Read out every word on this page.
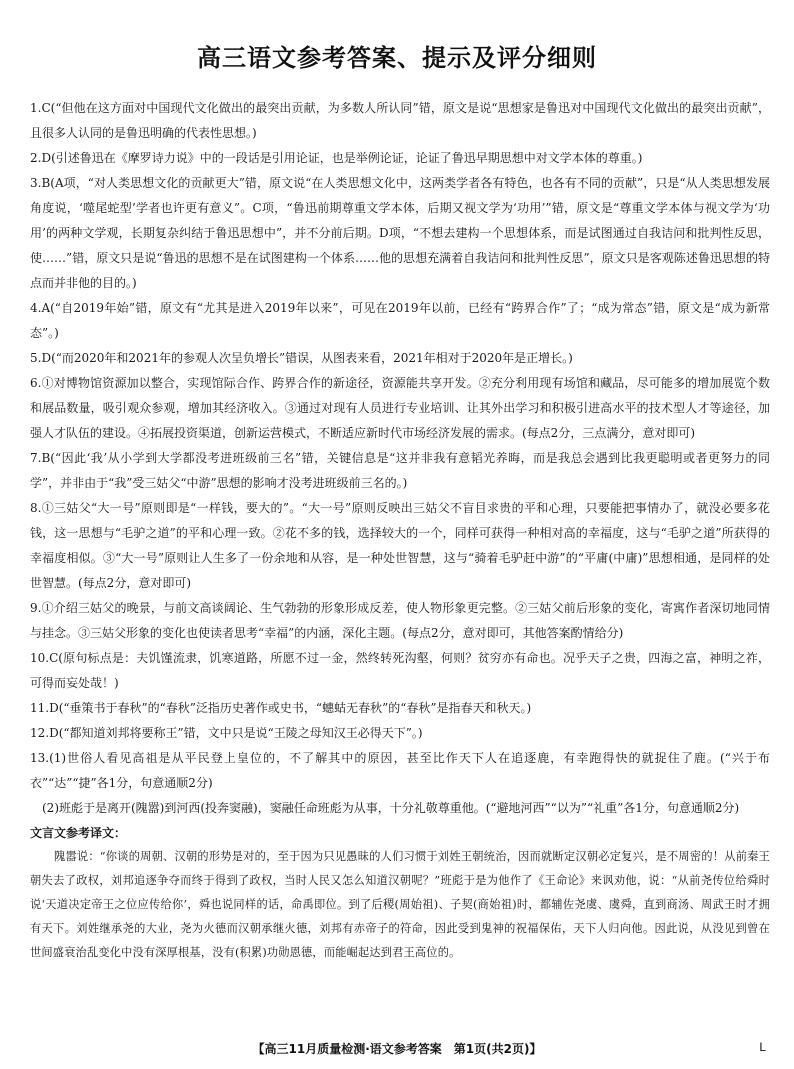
高三语文参考答案、提示及评分细则

1.C(“但他在这方面对中国现代文化做出的最突出贡献，为多数人所认同”错，原文是说“思想家是鲁迅对中国现代文化做出的最突出贡献”，且很多人认同的是鲁迅明确的代表性思想。)

2.D(引述鲁迅在《摩罗诗力说》中的一段话是引用论证，也是举例论证，论证了鲁迅早期思想中对文学本体的尊重。)

3.B(A项，“对人类思想文化的贡献更大”错，原文说“在人类思想文化中，这两类学者各有特色，也各有不同的贡献”，只是“从人类思想发展角度说，‘噬尾蛇型’学者也许更有意义”。C项，“鲁迅前期尊重文学本体，后期又视文学为‘功用’”错，原文是“尊重文学本体与视文学为‘功用’的两种文学观，长期复杂纠结于鲁迅思想中”，并不分前后期。D项，“不想去建构一个思想体系，而是试图通过自我诘问和批判性反思，使……”错，原文只是说“鲁迅的思想不是在试图建构一个体系……他的思想充满着自我诘问和批判性反思”，原文只是客观陈述鲁迅思想的特点而并非他的目的。)

4.A(“自2019年始”错，原文有“尤其是进入2019年以来”，可见在2019年以前，已经有“跨界合作”了；“成为常态”错，原文是“成为新常态”。)

5.D(“而2020年和2021年的参观人次呈负增长”错误，从图表来看，2021年相对于2020年是正增长。)

6.①对博物馆资源加以整合，实现馆际合作、跨界合作的新途径，资源能共享开发。②充分利用现有场馆和藏品，尽可能多的增加展览个数和展品数量，吸引观众参观，增加其经济收入。③通过对现有人员进行专业培训、让其外出学习和积极引进高水平的技术型人才等途径，加强人才队伍的建设。④拓展投资渠道，创新运营模式，不断适应新时代市场经济发展的需求。(每点2分，三点满分，意对即可)

7.B(“因此‘我’从小学到大学都没考进班级前三名”错，关键信息是“这并非我有意韬光养晦，而是我总会遇到比我更聪明或者更努力的同学”，并非由于“我”受三姑父“中游”思想的影响才没考进班级前三名的。)

8.①三姑父“大一号”原则即是“一样钱，要大的”。“大一号”原则反映出三姑父不盲目求贵的平和心理，只要能把事情办了，就没必要多花钱，这一思想与“毛驴之道”的平和心理一致。②花不多的钱，选择较大的一个，同样可获得一种相对高的幸福度，这与“毛驴之道”所获得的幸福度相似。③“大一号”原则让人生多了一份余地和从容，是一种处世智慧，这与“骑着毛驴赶中游”的“平庸(中庸)”思想相通，是同样的处世智慧。(每点2分，意对即可)

9.①介绍三姑父的晚景，与前文高谈阔论、生气勃勃的形象形成反差，使人物形象更完整。②三姑父前后形象的变化，寄寓作者深切地同情与挂念。③三姑父形象的变化也使读者思考“幸福”的内涵，深化主题。(每点2分，意对即可，其他答案酌情给分)

10.C(原句标点是：夫饥馑流隶，饥寒道路，所愿不过一金，然终转死沟壑，何则？贫穷亦有命也。况乎天子之贵，四海之富，神明之祚，可得而妄处哉！)

11.D(“垂策书于春秋”的“春秋”泛指历史著作或史书，“蟪蛄无春秋”的“春秋”是指春天和秋天。)

12.D(“都知道刘邦将要称王”错，文中只是说“王陵之母知汉王必得天下”。)

13.(1)世俗人看见高祖是从平民登上皇位的，不了解其中的原因，甚至比作天下人在追逐鹿，有幸跑得快的就捉住了鹿。(“兴于布衣”“达”“捷”各1分，句意通顺2分)

(2)班彪于是离开(隗嚣)到河西(投奔窦融)，窦融任命班彪为从事，十分礼敬尊重他。(“避地河西”“以为”“礼重”各1分，句意通顺2分)

文言文参考译文：

隗嚣说：“你谈的周朝、汉朝的形势是对的，至于因为只见愚昧的人们习惯于刘姓王朝统治，因而就断定汉朝必定复兴，是不周密的！从前秦王朝失去了政权，刘邦追逐争夺而终于得到了政权，当时人民又怎么知道汉朝呢？”班彪于是为他作了《王命论》来讽劝他，说：“从前尧传位给舜时说‘天道决定帝王之位应传给你’，舜也说同样的话，命禹即位。到了后稷(周始祖)、子契(商始祖)时，都辅佐尧虞、虞舜，直到商汤、周武王时才拥有天下。刘姓继承尧的大业，尧为火德而汉朝承继火德，刘邦有赤帝子的符命，因此受到鬼神的祝福保佑，天下人归向他。因此说，从没见到曾在世间盛衰治乱变化中没有深厚根基，没有(积累)功勋恩德，而能崛起达到君王高位的。

【高三11月质量检测·语文参考答案　第1页(共2页)】	L
